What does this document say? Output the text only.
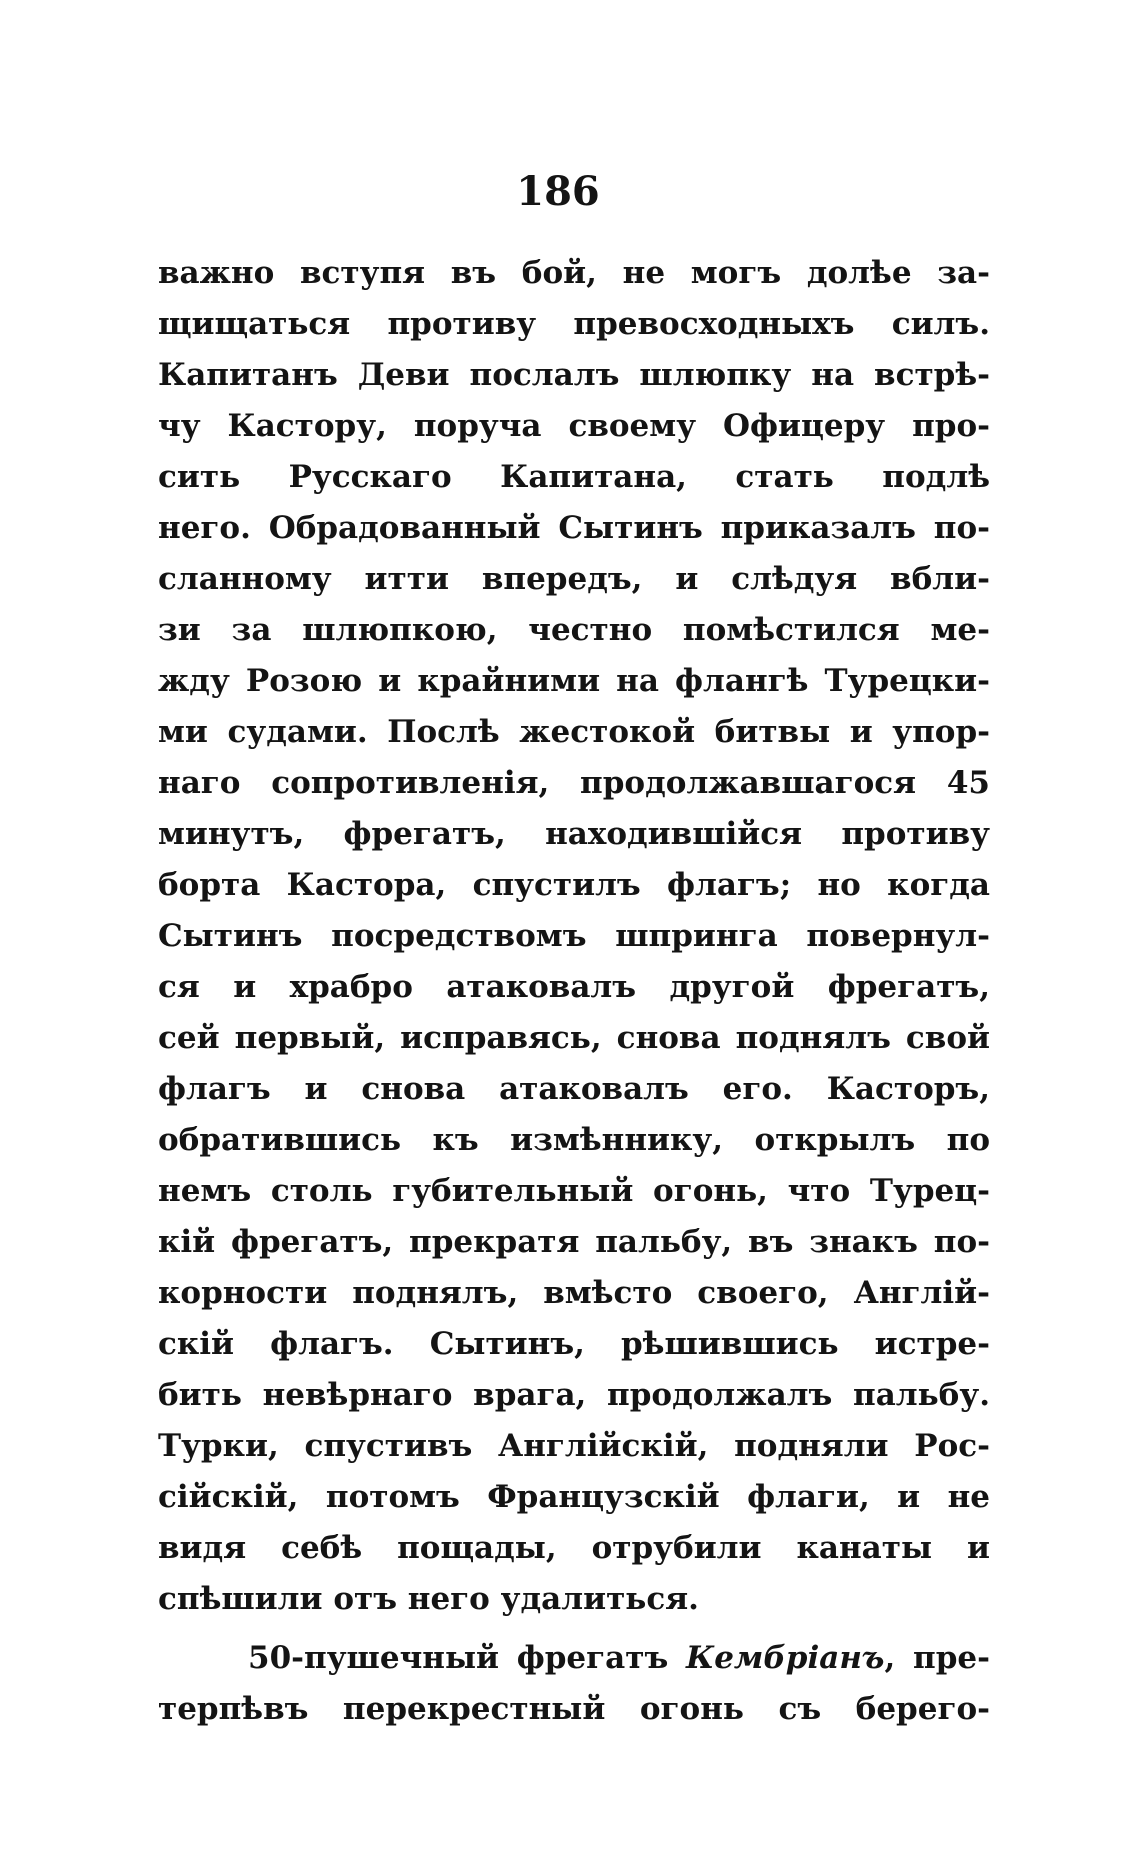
186
важно вступя въ бой, не могъ долѣе за-
щищаться противу превосходныхъ силъ.
Капитанъ Деви послалъ шлюпку на встрѣ-
чу Кастору, поруча своему Офицеру про-
сить Русскаго Капитана, стать подлѣ
него. Обрадованный Сытинъ приказалъ по-
сланному итти впередъ, и слѣдуя вбли-
зи за шлюпкою, честно помѣстился ме-
жду Розою и крайними на флангѣ Турецки-
ми судами. Послѣ жестокой битвы и упор-
наго сопротивленія, продолжавшагося 45
минутъ, фрегатъ, находившійся противу
борта Кастора, спустилъ флагъ; но когда
Сытинъ посредствомъ шпринга повернул-
ся и храбро атаковалъ другой фрегатъ,
сей первый, исправясь, снова поднялъ свой
флагъ и снова атаковалъ его. Касторъ,
обратившись къ измѣннику, открылъ по
немъ столь губительный огонь, что Турец-
кій фрегатъ, прекратя пальбу, въ знакъ по-
корности поднялъ, вмѣсто своего, Англій-
скій флагъ. Сытинъ, рѣшившись истре-
бить невѣрнаго врага, продолжалъ пальбу.
Турки, спустивъ Англійскій, подняли Рос-
сійскій, потомъ Французскій флаги, и не
видя себѣ пощады, отрубили канаты и
спѣшили отъ него удалиться.
50-пушечный фрегатъ Кембріанъ, пре-
терпѣвъ перекрестный огонь съ берего-
